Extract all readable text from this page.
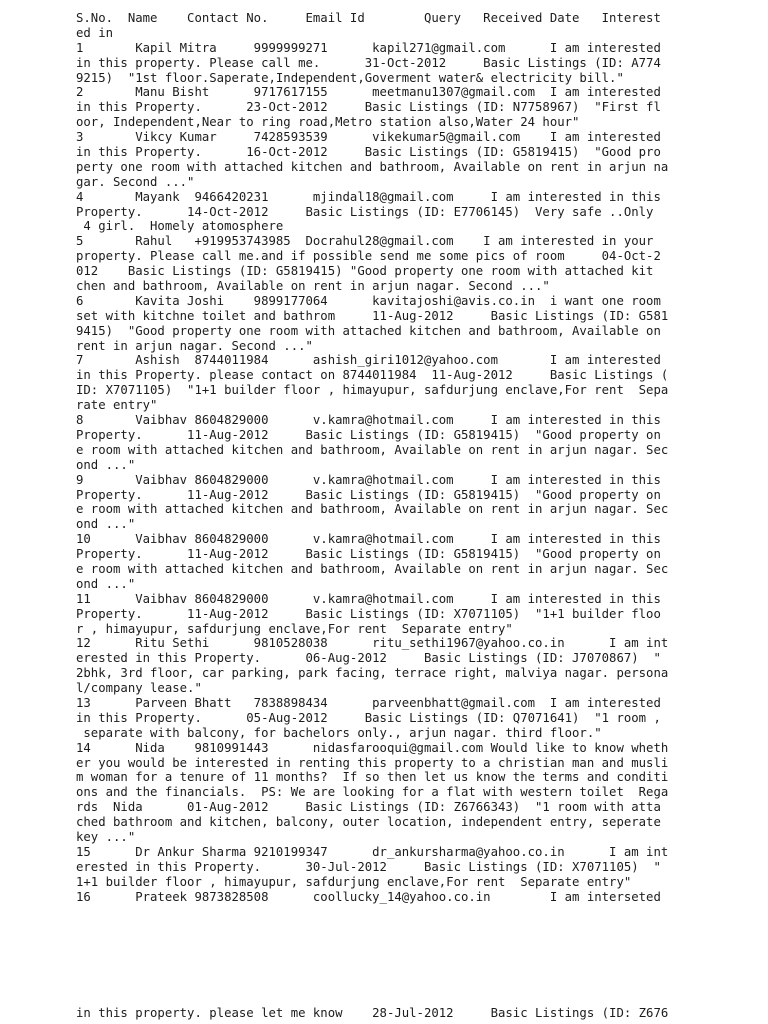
S.No.  Name    Contact No.     Email Id        Query   Received Date   Interest
ed in
1       Kapil Mitra     9999999271      kapil271@gmail.com      I am interested
in this property. Please call me.      31-Oct-2012     Basic Listings (ID: A774
9215)  "1st floor.Saperate,Independent,Goverment water& electricity bill."
2       Manu Bisht      9717617155      meetmanu1307@gmail.com  I am interested
in this Property.      23-Oct-2012     Basic Listings (ID: N7758967)  "First fl
oor, Independent,Near to ring road,Metro station also,Water 24 hour"
3       Vikcy Kumar     7428593539      vikekumar5@gmail.com    I am interested
in this Property.      16-Oct-2012     Basic Listings (ID: G5819415)  "Good pro
perty one room with attached kitchen and bathroom, Available on rent in arjun na
gar. Second ..."
4       Mayank  9466420231      mjindal18@gmail.com     I am interested in this
Property.      14-Oct-2012     Basic Listings (ID: E7706145)  Very safe ..Only
4 girl.  Homely atomosphere
5       Rahul   +919953743985  Docrahul28@gmail.com    I am interested in your
property. Please call me.and if possible send me some pics of room     04-Oct-2
012    Basic Listings (ID: G5819415) "Good property one room with attached kit
chen and bathroom, Available on rent in arjun nagar. Second ..."
6       Kavita Joshi    9899177064      kavitajoshi@avis.co.in  i want one room
set with kitchne toilet and bathrom     11-Aug-2012     Basic Listings (ID: G581
9415)  "Good property one room with attached kitchen and bathroom, Available on
rent in arjun nagar. Second ..."
7       Ashish  8744011984      ashish_giri1012@yahoo.com       I am interested
in this Property. please contact on 8744011984  11-Aug-2012     Basic Listings (
ID: X7071105)  "1+1 builder floor , himayupur, safdurjung enclave,For rent  Sepa
rate entry"
8       Vaibhav 8604829000      v.kamra@hotmail.com     I am interested in this
Property.      11-Aug-2012     Basic Listings (ID: G5819415)  "Good property on
e room with attached kitchen and bathroom, Available on rent in arjun nagar. Sec
ond ..."
9       Vaibhav 8604829000      v.kamra@hotmail.com     I am interested in this
Property.      11-Aug-2012     Basic Listings (ID: G5819415)  "Good property on
e room with attached kitchen and bathroom, Available on rent in arjun nagar. Sec
ond ..."
10      Vaibhav 8604829000      v.kamra@hotmail.com     I am interested in this
Property.      11-Aug-2012     Basic Listings (ID: G5819415)  "Good property on
e room with attached kitchen and bathroom, Available on rent in arjun nagar. Sec
ond ..."
11      Vaibhav 8604829000      v.kamra@hotmail.com     I am interested in this
Property.      11-Aug-2012     Basic Listings (ID: X7071105)  "1+1 builder floo
r , himayupur, safdurjung enclave,For rent  Separate entry"
12      Ritu Sethi      9810528038      ritu_sethi1967@yahoo.co.in      I am int
erested in this Property.      06-Aug-2012     Basic Listings (ID: J7070867)  "
2bhk, 3rd floor, car parking, park facing, terrace right, malviya nagar. persona
l/company lease."
13      Parveen Bhatt   7838898434      parveenbhatt@gmail.com  I am interested
in this Property.      05-Aug-2012     Basic Listings (ID: Q7071641)  "1 room ,
separate with balcony, for bachelors only., arjun nagar. third floor."
14      Nida    9810991443      nidasfarooqui@gmail.com Would like to know wheth
er you would be interested in renting this property to a christian man and musli
m woman for a tenure of 11 months?  If so then let us know the terms and conditi
ons and the financials.  PS: We are looking for a flat with western toilet  Rega
rds  Nida      01-Aug-2012     Basic Listings (ID: Z6766343)  "1 room with atta
ched bathroom and kitchen, balcony, outer location, independent entry, seperate
key ..."
15      Dr Ankur Sharma 9210199347      dr_ankursharma@yahoo.co.in      I am int
erested in this Property.      30-Jul-2012     Basic Listings (ID: X7071105)  "
1+1 builder floor , himayupur, safdurjung enclave,For rent  Separate entry"
16      Prateek 9873828508      coollucky_14@yahoo.co.in        I am interseted
in this property. please let me know    28-Jul-2012     Basic Listings (ID: Z676
